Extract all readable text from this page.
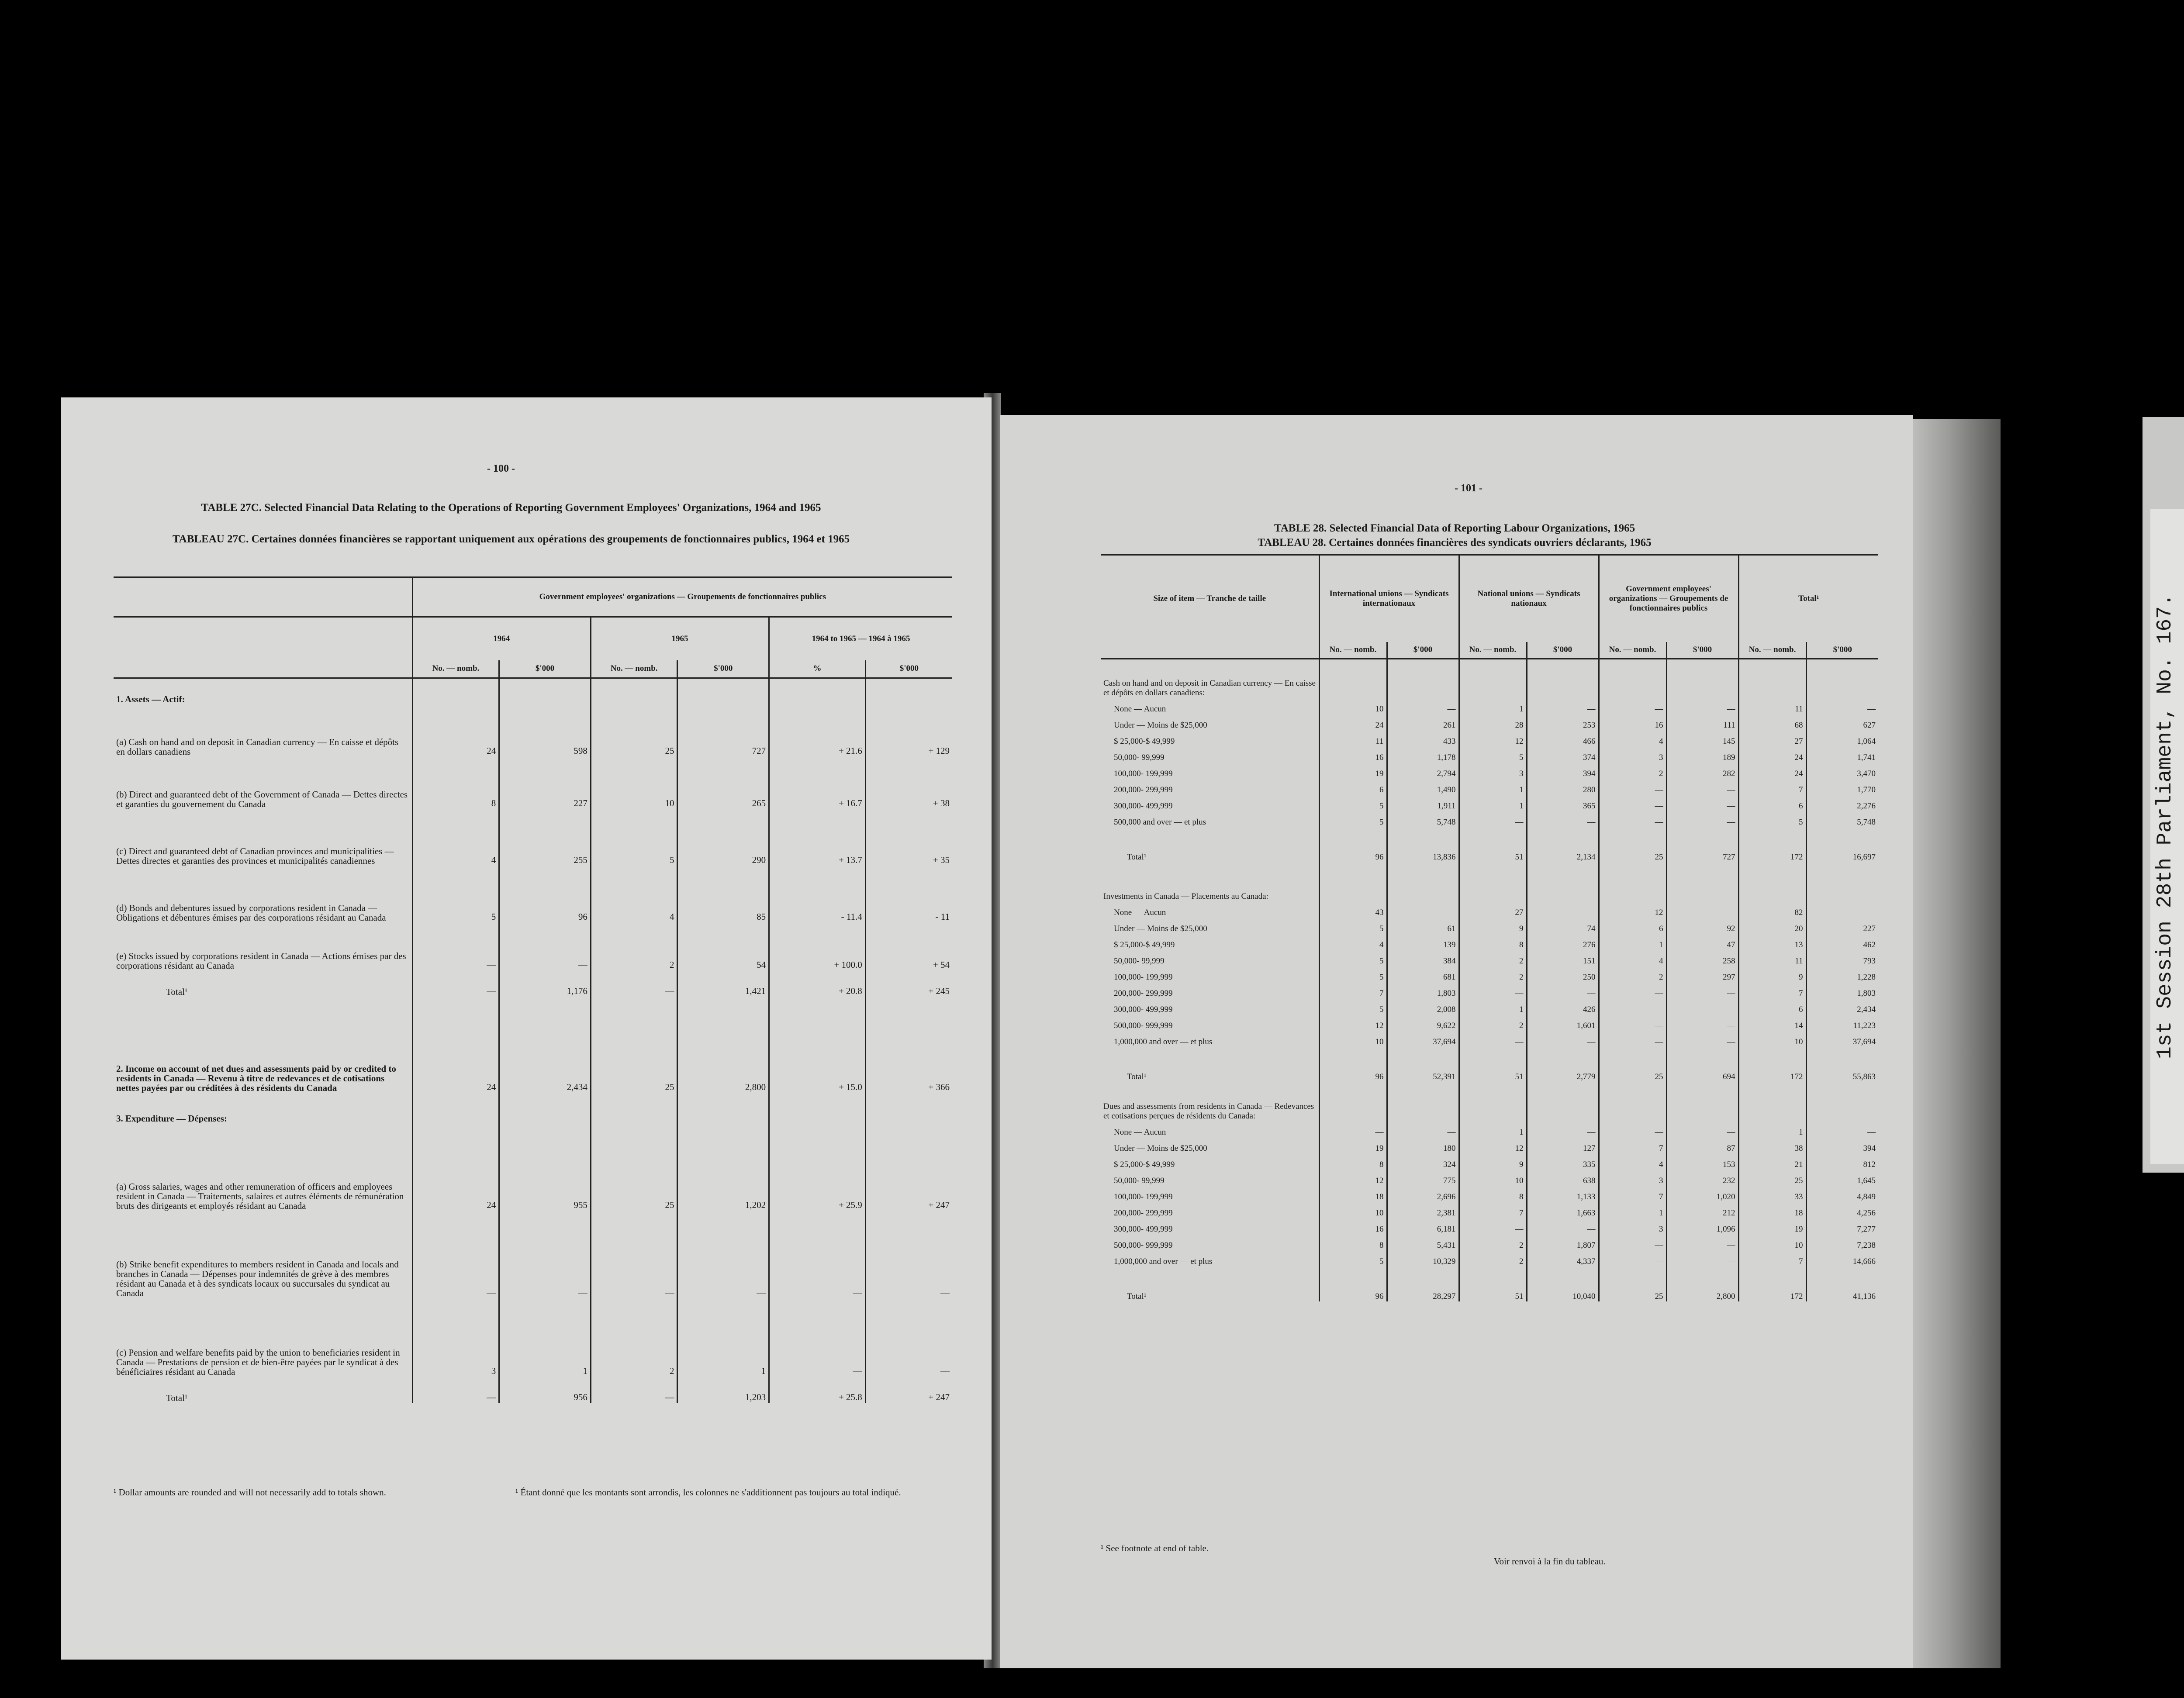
- 100 -
TABLE 27C. Selected Financial Data Relating to the Operations of Reporting Government Employees' Organizations, 1964 and 1965
TABLEAU 27C. Certaines données financières se rapportant uniquement aux opérations des groupements de fonctionnaires publics, 1964 et 1965
	Government employees' organizations — Groupements de fonctionnaires publics					
	1964		1965		1964 to 1965 — 1964 à 1965	
	No. — nomb.	$'000	No. — nomb.	$'000	%	$'000
1. Assets — Actif:						
(a) Cash on hand and on deposit in Canadian currency — En caisse et dépôts en dollars canadiens	24	598	25	727	+ 21.6	+ 129
(b) Direct and guaranteed debt of the Government of Canada — Dettes directes et garanties du gouvernement du Canada	8	227	10	265	+ 16.7	+ 38
(c) Direct and guaranteed debt of Canadian provinces and municipalities — Dettes directes et garanties des provinces et municipalités canadiennes	4	255	5	290	+ 13.7	+ 35
(d) Bonds and debentures issued by corporations resident in Canada — Obligations et débentures émises par des corporations résidant au Canada	5	96	4	85	- 11.4	- 11
(e) Stocks issued by corporations resident in Canada — Actions émises par des corporations résidant au Canada	—	—	2	54	+ 100.0	+ 54
Total¹	—	1,176	—	1,421	+ 20.8	+ 245
2. Income on account of net dues and assessments paid by or credited to residents in Canada — Revenu à titre de redevances et de cotisations nettes payées par ou créditées à des résidents du Canada	24	2,434	25	2,800	+ 15.0	+ 366
3. Expenditure — Dépenses:						
(a) Gross salaries, wages and other remuneration of officers and employees resident in Canada — Traitements, salaires et autres éléments de rémunération bruts des dirigeants et employés résidant au Canada	24	955	25	1,202	+ 25.9	+ 247
(b) Strike benefit expenditures to members resident in Canada and locals and branches in Canada — Dépenses pour indemnités de grève à des membres résidant au Canada et à des syndicats locaux ou succursales du syndicat au Canada	—	—	—	—	—	—
(c) Pension and welfare benefits paid by the union to beneficiaries resident in Canada — Prestations de pension et de bien-être payées par le syndicat à des bénéficiaires résidant au Canada	3	1	2	1	—	—
Total¹	—	956	—	1,203	+ 25.8	+ 247
¹ Dollar amounts are rounded and will not necessarily add to totals shown.	¹ Étant donné que les montants sont arrondis, les colonnes ne s'additionnent pas toujours au total indiqué.
- 101 -
TABLE 28. Selected Financial Data of Reporting Labour Organizations, 1965
TABLEAU 28. Certaines données financières des syndicats ouvriers déclarants, 1965
Size of item — Tranche de taille	International unions — Syndicats internationaux		National unions — Syndicats nationaux		Government employees' organizations — Groupements de fonctionnaires publics		Total¹	
	No. — nomb.	$'000	No. — nomb.	$'000	No. — nomb.	$'000	No. — nomb.	$'000
Cash on hand and on deposit in Canadian currency — En caisse et dépôts en dollars canadiens:								
None — Aucun	10	—	1	—	—	—	11	—
Under — Moins de $25,000	24	261	28	253	16	111	68	627
$ 25,000-$ 49,999	11	433	12	466	4	145	27	1,064
50,000- 99,999	16	1,178	5	374	3	189	24	1,741
100,000- 199,999	19	2,794	3	394	2	282	24	3,470
200,000- 299,999	6	1,490	1	280	—	—	7	1,770
300,000- 499,999	5	1,911	1	365	—	—	6	2,276
500,000 and over — et plus	5	5,748	—	—	—	—	5	5,748
Total¹	96	13,836	51	2,134	25	727	172	16,697
Investments in Canada — Placements au Canada:								
None — Aucun	43	—	27	—	12	—	82	—
Under — Moins de $25,000	5	61	9	74	6	92	20	227
$ 25,000-$ 49,999	4	139	8	276	1	47	13	462
50,000- 99,999	5	384	2	151	4	258	11	793
100,000- 199,999	5	681	2	250	2	297	9	1,228
200,000- 299,999	7	1,803	—	—	—	—	7	1,803
300,000- 499,999	5	2,008	1	426	—	—	6	2,434
500,000- 999,999	12	9,622	2	1,601	—	—	14	11,223
1,000,000 and over — et plus	10	37,694	—	—	—	—	10	37,694
Total¹	96	52,391	51	2,779	25	694	172	55,863
Dues and assessments from residents in Canada — Redevances et cotisations perçues de résidents du Canada:								
None — Aucun	—	—	1	—	—	—	1	—
Under — Moins de $25,000	19	180	12	127	7	87	38	394
$ 25,000-$ 49,999	8	324	9	335	4	153	21	812
50,000- 99,999	12	775	10	638	3	232	25	1,645
100,000- 199,999	18	2,696	8	1,133	7	1,020	33	4,849
200,000- 299,999	10	2,381	7	1,663	1	212	18	4,256
300,000- 499,999	16	6,181	—	—	3	1,096	19	7,277
500,000- 999,999	8	5,431	2	1,807	—	—	10	7,238
1,000,000 and over — et plus	5	10,329	2	4,337	—	—	7	14,666
Total¹	96	28,297	51	10,040	25	2,800	172	41,136
¹ See footnote at end of table.
Voir renvoi à la fin du tableau.
1st Session 28th Parliament, No. 167.
